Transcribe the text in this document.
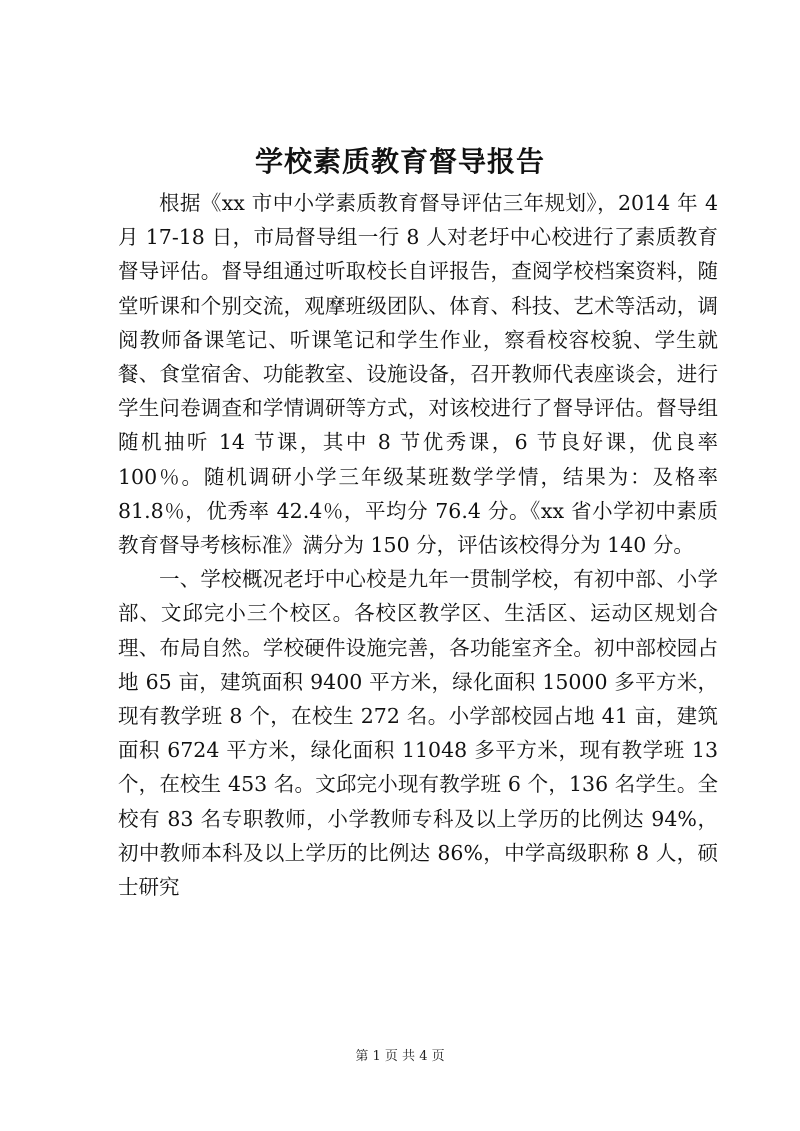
学校素质教育督导报告

根据《xx 市中小学素质教育督导评估三年规划》，2014 年 4 月 17-18 日，市局督导组一行 8 人对老圩中心校进行了素质教育督导评估。督导组通过听取校长自评报告，查阅学校档案资料，随堂听课和个别交流，观摩班级团队、体育、科技、艺术等活动，调阅教师备课笔记、听课笔记和学生作业，察看校容校貌、学生就餐、食堂宿舍、功能教室、设施设备，召开教师代表座谈会，进行学生问卷调查和学情调研等方式，对该校进行了督导评估。督导组随机抽听 14 节课，其中 8 节优秀课，6 节良好课，优良率 100％。随机调研小学三年级某班数学学情，结果为：及格率 81.8％，优秀率 42.4％，平均分 76.4 分。《xx 省小学初中素质教育督导考核标准》满分为 150 分，评估该校得分为 140 分。

一、学校概况老圩中心校是九年一贯制学校，有初中部、小学部、文邱完小三个校区。各校区教学区、生活区、运动区规划合理、布局自然。学校硬件设施完善，各功能室齐全。初中部校园占地 65 亩，建筑面积 9400 平方米，绿化面积 15000 多平方米，现有教学班 8 个，在校生 272 名。小学部校园占地 41 亩，建筑面积 6724 平方米，绿化面积 11048 多平方米，现有教学班 13 个，在校生 453 名。文邱完小现有教学班 6 个，136 名学生。全校有 83 名专职教师，小学教师专科及以上学历的比例达 94%，初中教师本科及以上学历的比例达 86%，中学高级职称 8 人，硕士研究

第 1 页 共 4 页
